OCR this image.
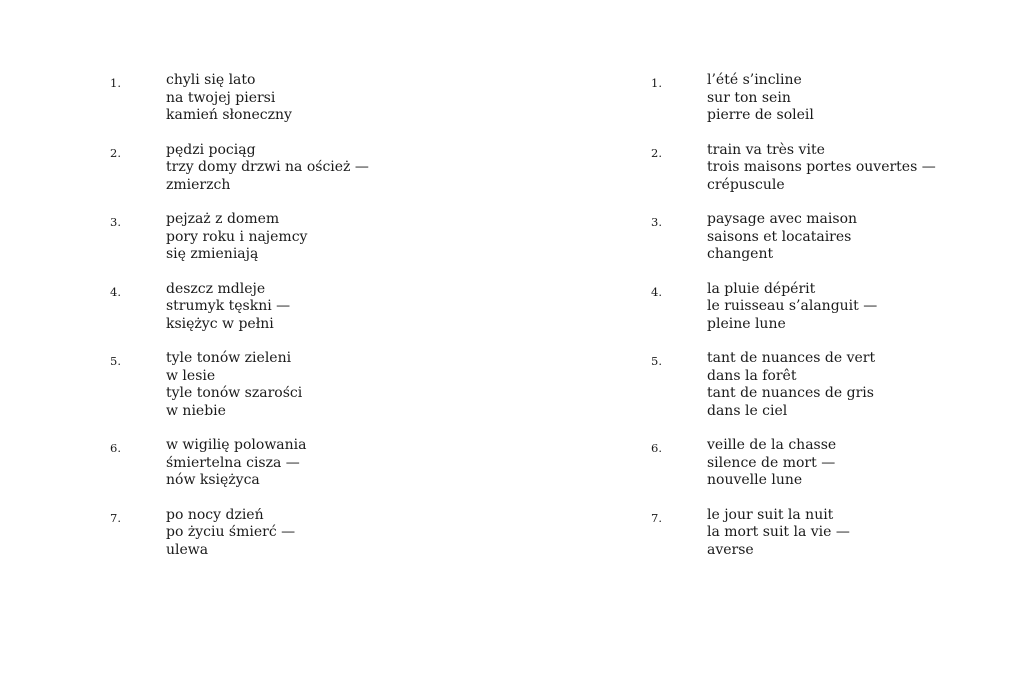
1.	chyli się lato
na twojej piersi
kamień słoneczny
2.	pędzi pociąg
trzy domy drzwi na oścież —
zmierzch
3.	pejzaż z domem
pory roku i najemcy
się zmieniają
4.	deszcz mdleje
strumyk tęskni —
księżyc w pełni
5.	tyle tonów zieleni
w lesie
tyle tonów szarości
w niebie
6.	w wigilię polowania
śmiertelna cisza —
nów księżyca
7.	po nocy dzień
po życiu śmierć —
ulewa
1.	l’été s’incline
sur ton sein
pierre de soleil
2.	train va très vite
trois maisons portes ouvertes —
crépuscule
3.	paysage avec maison
saisons et locataires
changent
4.	la pluie dépérit
le ruisseau s’alanguit —
pleine lune
5.	tant de nuances de vert
dans la forêt
tant de nuances de gris
dans le ciel
6.	veille de la chasse
silence de mort —
nouvelle lune
7.	le jour suit la nuit
la mort suit la vie —
averse
